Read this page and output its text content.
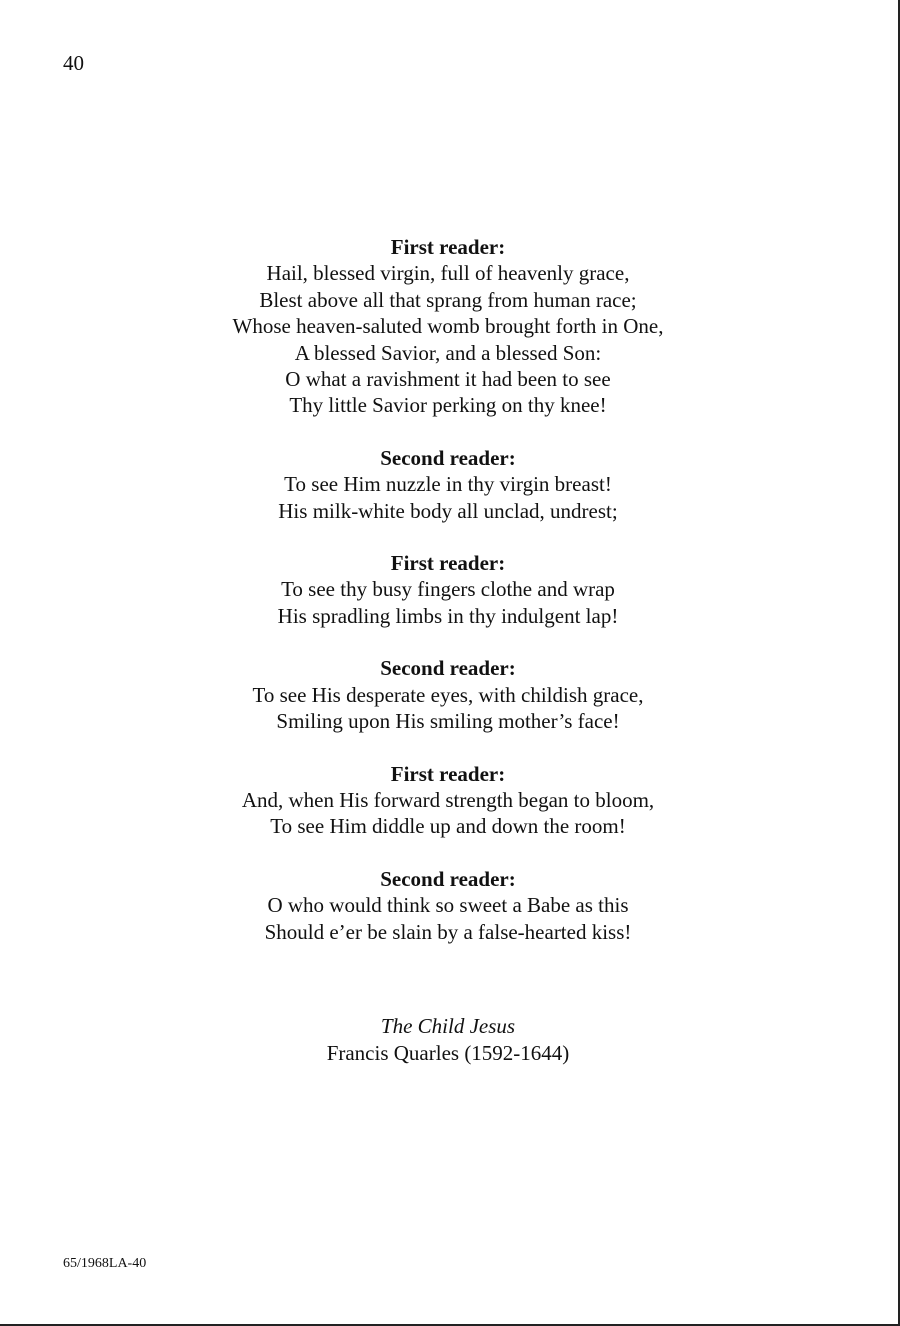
40
First reader:
Hail, blessed virgin, full of heavenly grace,
Blest above all that sprang from human race;
Whose heaven-saluted womb brought forth in One,
A blessed Savior, and a blessed Son:
O what a ravishment it had been to see
Thy little Savior perking on thy knee!
Second reader:
To see Him nuzzle in thy virgin breast!
His milk-white body all unclad, undrest;
First reader:
To see thy busy fingers clothe and wrap
His spradling limbs in thy indulgent lap!
Second reader:
To see His desperate eyes, with childish grace,
Smiling upon His smiling mother’s face!
First reader:
And, when His forward strength began to bloom,
To see Him diddle up and down the room!
Second reader:
O who would think so sweet a Babe as this
Should e’er be slain by a false-hearted kiss!
The Child Jesus
Francis Quarles (1592-1644)
65/1968LA-40
